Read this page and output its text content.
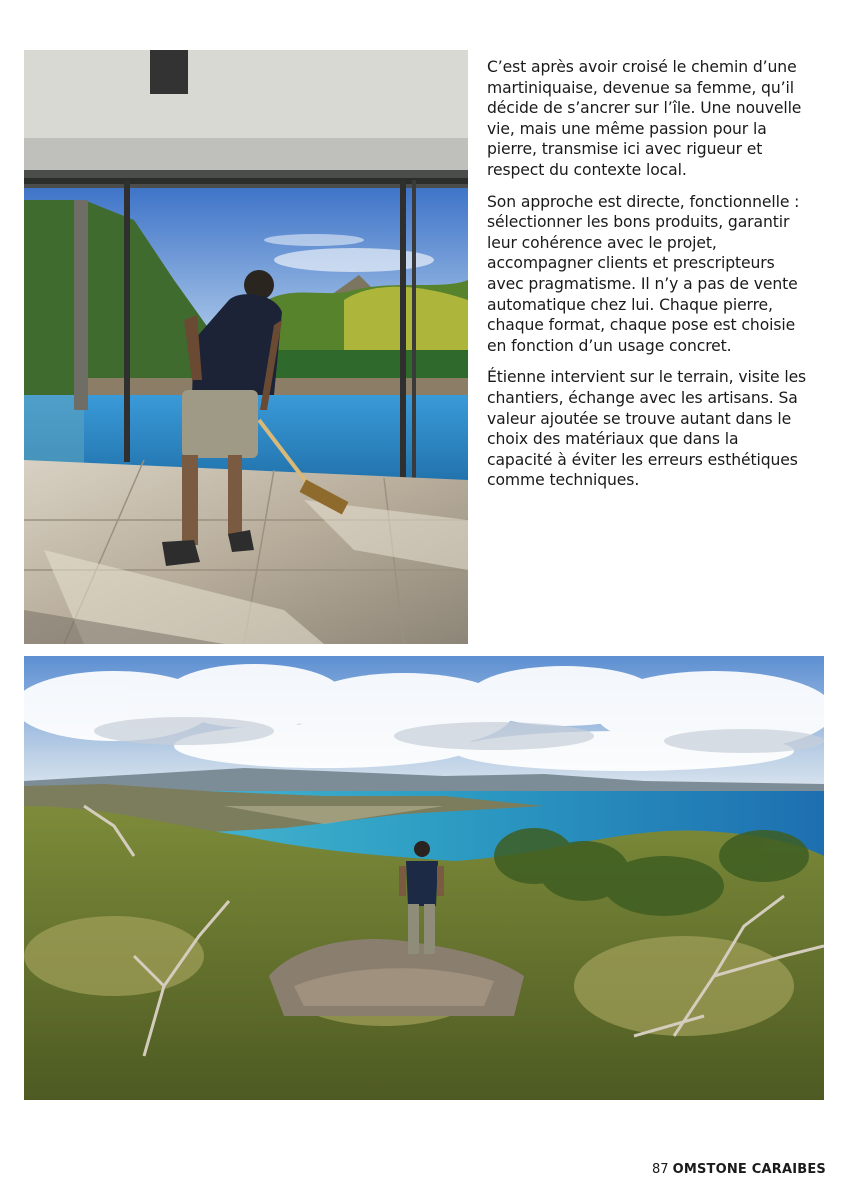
C’est après avoir croisé le chemin d’une martiniquaise, devenue sa femme, qu’il décide de s’ancrer sur l’île. Une nouvelle vie, mais une même passion pour la pierre, transmise ici avec rigueur et respect du contexte local.

Son approche est directe, fonctionnelle : sélectionner les bons produits, garantir leur cohérence avec le projet, accompagner clients et prescripteurs avec pragmatisme. Il n’y a pas de vente automatique chez lui. Chaque pierre, chaque format, chaque pose est choisie en fonction d’un usage concret.

Étienne intervient sur le terrain, visite les chantiers, échange avec les artisans. Sa valeur ajoutée se trouve autant dans le choix des matériaux que dans la capacité à éviter les erreurs esthétiques comme techniques.

87 OMSTONE CARAIBES
